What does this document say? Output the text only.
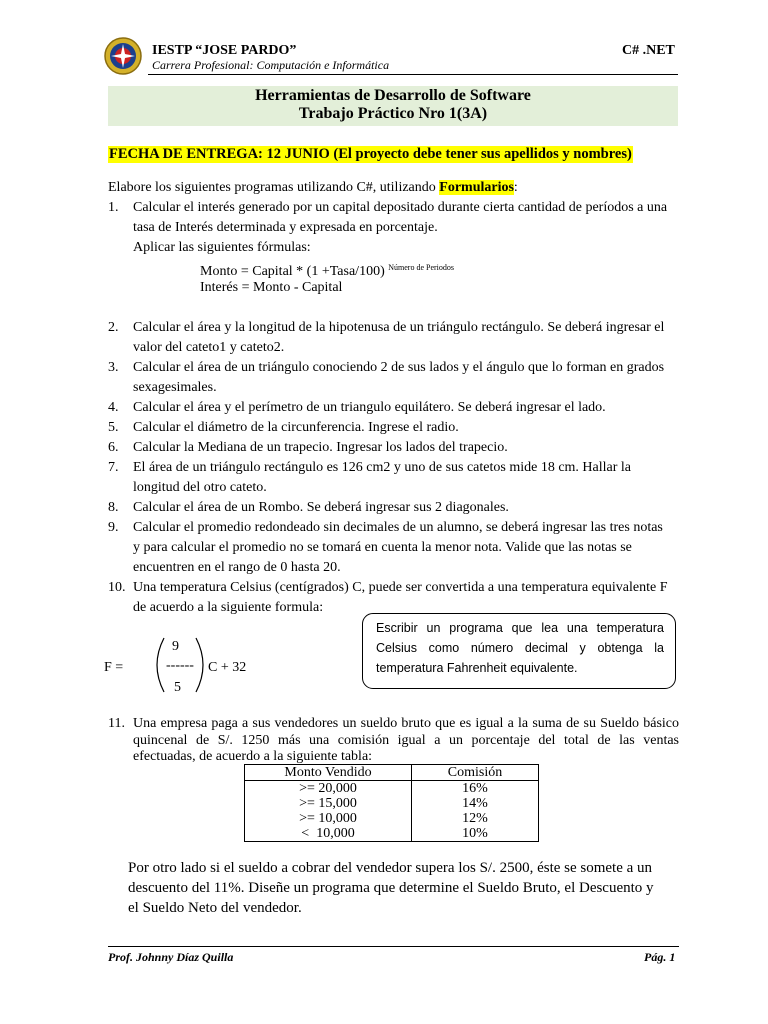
IESTP “JOSE PARDO”
Carrera Profesional: Computación e Informática
C# .NET
Herramientas de Desarrollo de Software
Trabajo Práctico Nro 1(3A)
FECHA DE ENTREGA: 12 JUNIO (El proyecto debe tener sus apellidos y nombres)
Elabore los siguientes programas utilizando C#, utilizando Formularios:
1.	Calcular el interés generado por un capital depositado durante cierta cantidad de períodos a una
tasa de Interés determinada y expresada en porcentaje.
Aplicar las siguientes fórmulas:
Monto = Capital * (1 +Tasa/100) $^{Número de Periodos}$
Interés = Monto - Capital
2.	Calcular el área y la longitud de la hipotenusa de un triángulo rectángulo. Se deberá ingresar el
valor del cateto1 y cateto2.
3.	Calcular el área de un triángulo conociendo 2 de sus lados y el ángulo que lo forman en grados
sexagesimales.
4.	Calcular el área y el perímetro de un triangulo equilátero. Se deberá ingresar el lado.
5.	Calcular el diámetro de la circunferencia. Ingrese el radio.
6.	Calcular la Mediana de un trapecio. Ingresar los lados del trapecio.
7.	El área de un triángulo rectángulo es 126 cm2 y uno de sus catetos mide 18 cm. Hallar la
longitud del otro cateto.
8.	Calcular el área de un Rombo. Se deberá ingresar sus 2 diagonales.
9.	Calcular el promedio redondeado sin decimales de un alumno, se deberá ingresar las tres notas
y para calcular el promedio no se tomará en cuenta la menor nota. Valide que las notas se
encuentren en el rango de 0 hasta 20.
10. Una temperatura Celsius (centígrados) C, puede ser convertida a una temperatura equivalente F
de acuerdo a la siguiente formula:
9
F =	------ C + 32
5
Escribir un programa que lea una temperatura Celsius como número decimal y obtenga la temperatura Fahrenheit equivalente.
11. Una empresa paga a sus vendedores un sueldo bruto que es igual a la suma de su Sueldo básico
quincenal de S/. 1250 más una comisión igual a un porcentaje del total de las ventas
efectuadas, de acuerdo a la siguiente tabla:
Monto Vendido	Comisión
>= 20,000	16%
>= 15,000	14%
>= 10,000	12%
<  10,000	10%
Por otro lado si el sueldo a cobrar del vendedor supera los S/. 2500, éste se somete a un
descuento del 11%. Diseñe un programa que determine el Sueldo Bruto, el Descuento y
el Sueldo Neto del vendedor.
Prof. Johnny Díaz Quilla	Pág. 1
